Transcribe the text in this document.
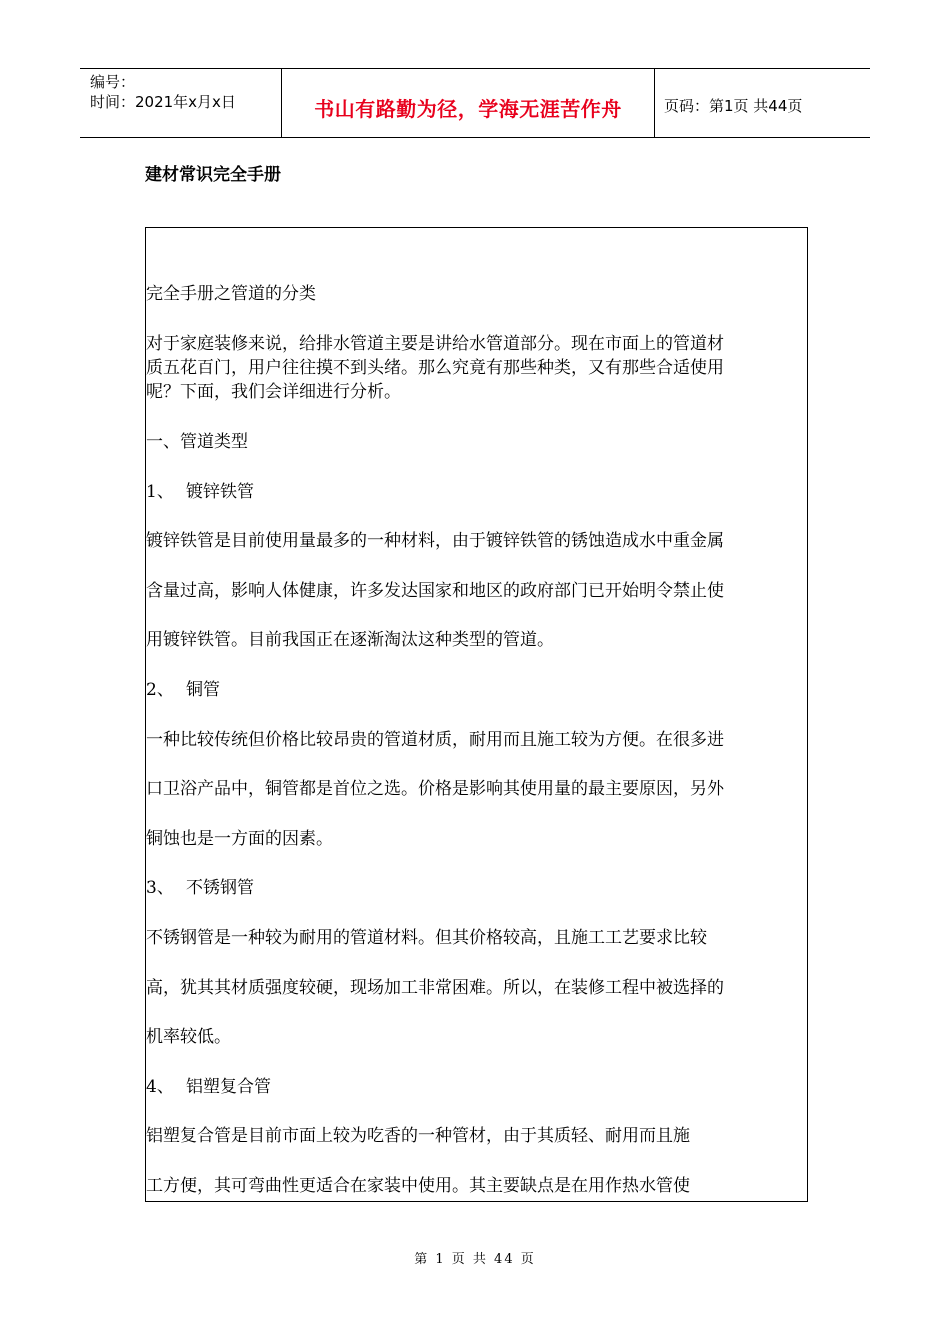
编号：
时间：2021年x月x日	书山有路勤为径，学海无涯苦作舟	页码：第1页 共44页
建材常识完全手册
完全手册之管道的分类
对于家庭装修来说，给排水管道主要是讲给水管道部分。现在市面上的管道材
质五花百门，用户往往摸不到头绪。那么究竟有那些种类，又有那些合适使用
呢？下面，我们会详细进行分析。
一、管道类型
1、 镀锌铁管
镀锌铁管是目前使用量最多的一种材料，由于镀锌铁管的锈蚀造成水中重金属
含量过高，影响人体健康，许多发达国家和地区的政府部门已开始明令禁止使
用镀锌铁管。目前我国正在逐渐淘汰这种类型的管道。
2、 铜管
一种比较传统但价格比较昂贵的管道材质，耐用而且施工较为方便。在很多进
口卫浴产品中，铜管都是首位之选。价格是影响其使用量的最主要原因，另外
铜蚀也是一方面的因素。
3、 不锈钢管
不锈钢管是一种较为耐用的管道材料。但其价格较高，且施工工艺要求比较
高，犹其其材质强度较硬，现场加工非常困难。所以，在装修工程中被选择的
机率较低。
4、 铝塑复合管
铝塑复合管是目前市面上较为吃香的一种管材，由于其质轻、耐用而且施
工方便，其可弯曲性更适合在家装中使用。其主要缺点是在用作热水管使
第 1 页 共 44 页
